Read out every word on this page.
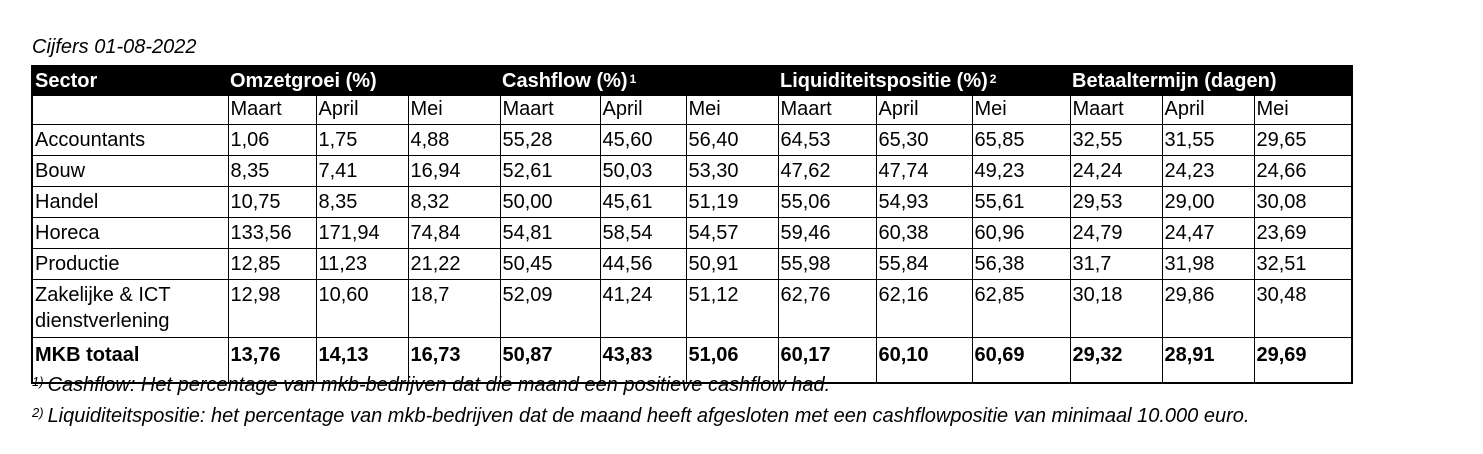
Cijfers 01-08-2022
Sector	Omzetgroei (%)			Cashflow (%) $^1$			Liquiditeitspositie (%) $^2$			Betaaltermijn (dagen)		
	Maart	April	Mei	Maart	April	Mei	Maart	April	Mei	Maart	April	Mei
Accountants	1,06	1,75	4,88	55,28	45,60	56,40	64,53	65,30	65,85	32,55	31,55	29,65
Bouw	8,35	7,41	16,94	52,61	50,03	53,30	47,62	47,74	49,23	24,24	24,23	24,66
Handel	10,75	8,35	8,32	50,00	45,61	51,19	55,06	54,93	55,61	29,53	29,00	30,08
Horeca	133,56	171,94	74,84	54,81	58,54	54,57	59,46	60,38	60,96	24,79	24,47	23,69
Productie	12,85	11,23	21,22	50,45	44,56	50,91	55,98	55,84	56,38	31,7	31,98	32,51
Zakelijke & ICT dienstverlening	12,98	10,60	18,7	52,09	41,24	51,12	62,76	62,16	62,85	30,18	29,86	30,48
MKB totaal	13,76	14,13	16,73	50,87	43,83	51,06	60,17	60,10	60,69	29,32	28,91	29,69
$^{1)}$ Cashflow: Het percentage van mkb-bedrijven dat die maand een positieve cashflow had.
$^{2)}$ Liquiditeitspositie: het percentage van mkb-bedrijven dat de maand heeft afgesloten met een cashflowpositie van minimaal 10.000 euro.
